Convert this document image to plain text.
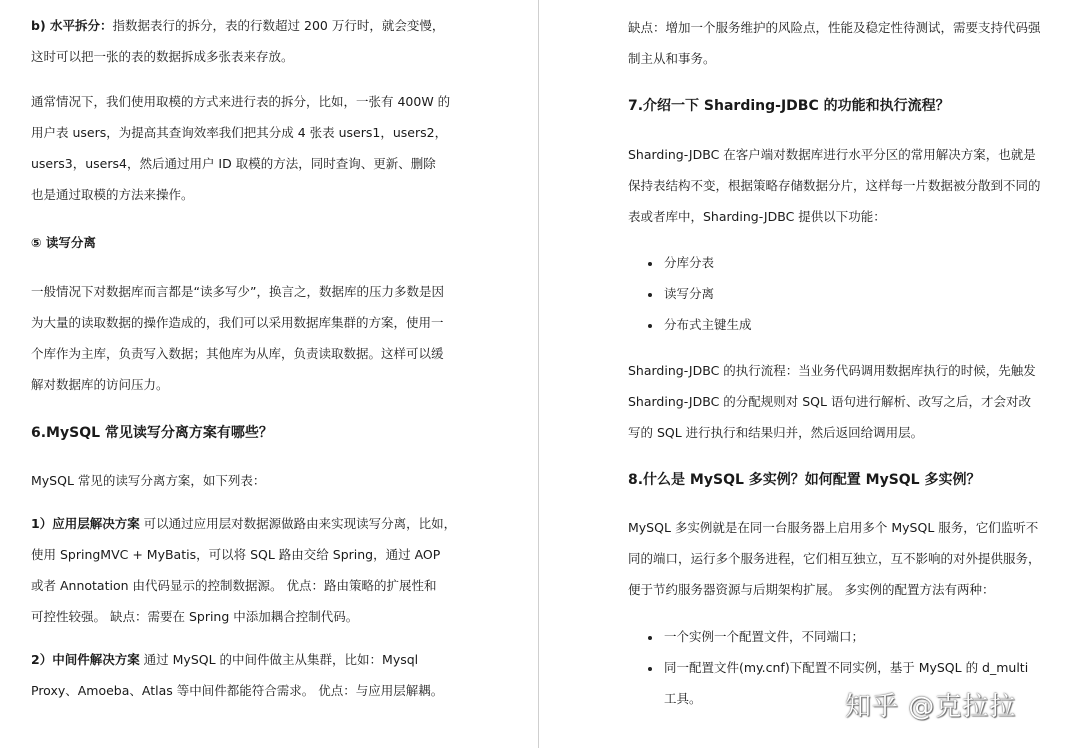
b) 水平拆分：指数据表行的拆分，表的行数超过 200 万行时，就会变慢，
这时可以把一张的表的数据拆成多张表来存放。
通常情况下，我们使用取模的方式来进行表的拆分，比如，一张有 400W 的
用户表 users，为提高其查询效率我们把其分成 4 张表 users1，users2，
users3，users4，然后通过用户 ID 取模的方法，同时查询、更新、删除
也是通过取模的方法来操作。
⑤ 读写分离
一般情况下对数据库而言都是“读多写少”，换言之，数据库的压力多数是因
为大量的读取数据的操作造成的，我们可以采用数据库集群的方案，使用一
个库作为主库，负责写入数据；其他库为从库，负责读取数据。这样可以缓
解对数据库的访问压力。
6.MySQL 常见读写分离方案有哪些？
MySQL 常见的读写分离方案，如下列表：
1）应用层解决方案 可以通过应用层对数据源做路由来实现读写分离，比如，
使用 SpringMVC + MyBatis，可以将 SQL 路由交给 Spring，通过 AOP
或者 Annotation 由代码显示的控制数据源。 优点：路由策略的扩展性和
可控性较强。 缺点：需要在 Spring 中添加耦合控制代码。
2）中间件解决方案 通过 MySQL 的中间件做主从集群，比如：Mysql
Proxy、Amoeba、Atlas 等中间件都能符合需求。 优点：与应用层解耦。
缺点：增加一个服务维护的风险点，性能及稳定性待测试，需要支持代码强
制主从和事务。
7.介绍一下 Sharding-JDBC 的功能和执行流程？
Sharding-JDBC 在客户端对数据库进行水平分区的常用解决方案，也就是
保持表结构不变，根据策略存储数据分片，这样每一片数据被分散到不同的
表或者库中，Sharding-JDBC 提供以下功能：
分库分表
读写分离
分布式主键生成
Sharding-JDBC 的执行流程：当业务代码调用数据库执行的时候，先触发
Sharding-JDBC 的分配规则对 SQL 语句进行解析、改写之后，才会对改
写的 SQL 进行执行和结果归并，然后返回给调用层。
8.什么是 MySQL 多实例？如何配置 MySQL 多实例？
MySQL 多实例就是在同一台服务器上启用多个 MySQL 服务，它们监听不
同的端口，运行多个服务进程，它们相互独立，互不影响的对外提供服务，
便于节约服务器资源与后期架构扩展。 多实例的配置方法有两种：
一个实例一个配置文件，不同端口；
同一配置文件(my.cnf)下配置不同实例，基于 MySQL 的 d_multi
工具。	知乎 @克拉拉
